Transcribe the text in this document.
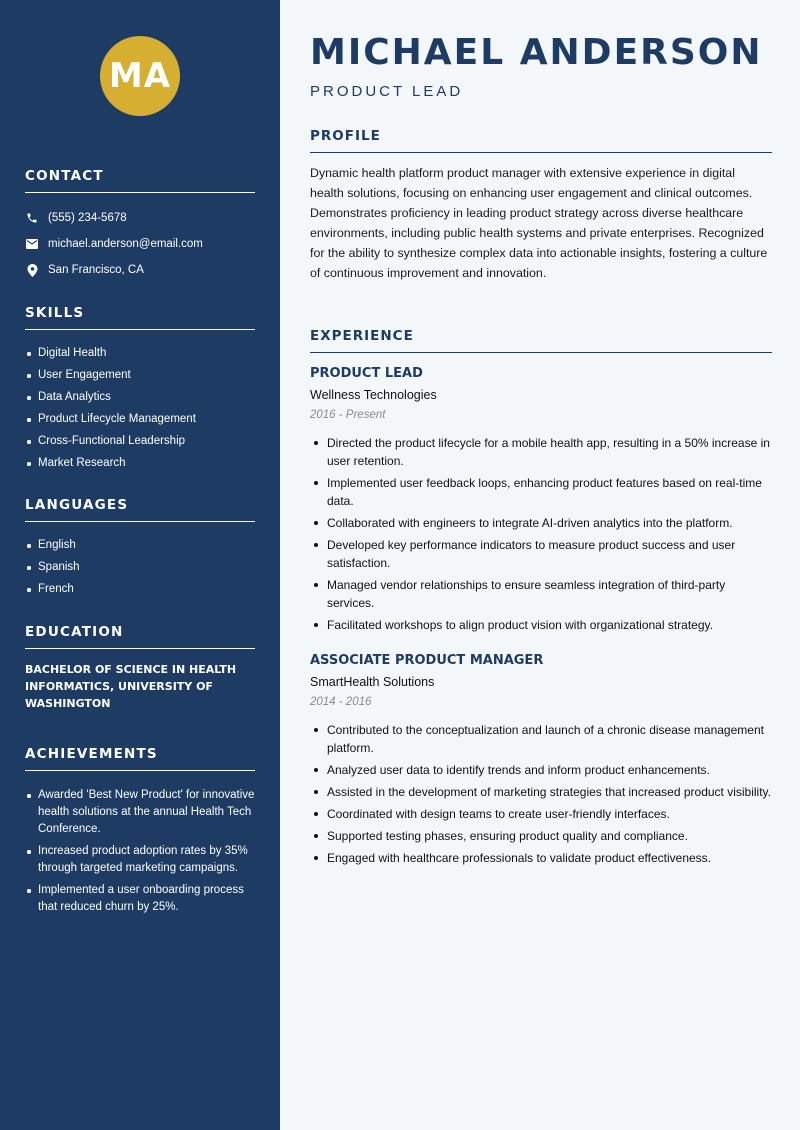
MA
CONTACT
(555) 234-5678
michael.anderson@email.com
San Francisco, CA
SKILLS
Digital Health
User Engagement
Data Analytics
Product Lifecycle Management
Cross-Functional Leadership
Market Research
LANGUAGES
English
Spanish
French
EDUCATION
BACHELOR OF SCIENCE IN HEALTH INFORMATICS, UNIVERSITY OF WASHINGTON
ACHIEVEMENTS
Awarded 'Best New Product' for innovative health solutions at the annual Health Tech Conference.
Increased product adoption rates by 35% through targeted marketing campaigns.
Implemented a user onboarding process that reduced churn by 25%.
MICHAEL ANDERSON
PRODUCT LEAD
PROFILE

Dynamic health platform product manager with extensive experience in digital health solutions, focusing on enhancing user engagement and clinical outcomes. Demonstrates proficiency in leading product strategy across diverse healthcare environments, including public health systems and private enterprises. Recognized for the ability to synthesize complex data into actionable insights, fostering a culture of continuous improvement and innovation.

EXPERIENCE
PRODUCT LEAD
Wellness Technologies
2016 - Present
Directed the product lifecycle for a mobile health app, resulting in a 50% increase in user retention.
Implemented user feedback loops, enhancing product features based on real-time data.
Collaborated with engineers to integrate AI-driven analytics into the platform.
Developed key performance indicators to measure product success and user satisfaction.
Managed vendor relationships to ensure seamless integration of third-party services.
Facilitated workshops to align product vision with organizational strategy.
ASSOCIATE PRODUCT MANAGER
SmartHealth Solutions
2014 - 2016
Contributed to the conceptualization and launch of a chronic disease management platform.
Analyzed user data to identify trends and inform product enhancements.
Assisted in the development of marketing strategies that increased product visibility.
Coordinated with design teams to create user-friendly interfaces.
Supported testing phases, ensuring product quality and compliance.
Engaged with healthcare professionals to validate product effectiveness.
